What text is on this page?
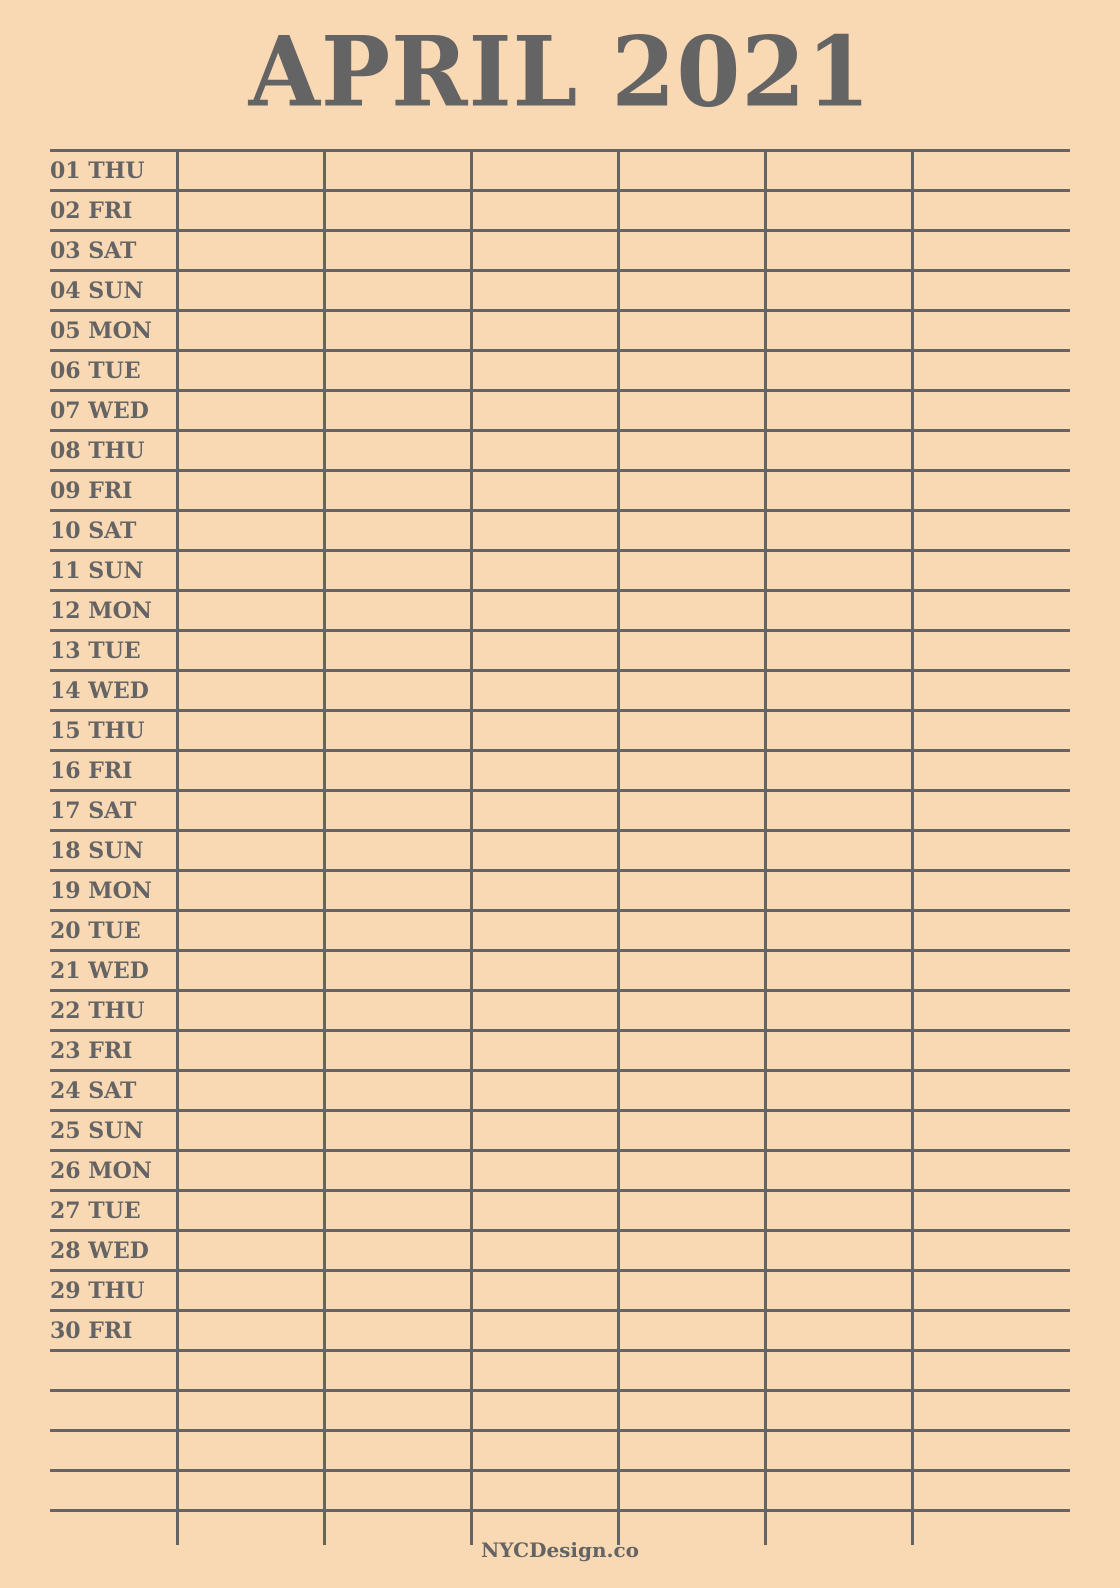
APRIL 2021
01 THU
02 FRI
03 SAT
04 SUN
05 MON
06 TUE
07 WED
08 THU
09 FRI
10 SAT
11 SUN
12 MON
13 TUE
14 WED
15 THU
16 FRI
17 SAT
18 SUN
19 MON
20 TUE
21 WED
22 THU
23 FRI
24 SAT
25 SUN
26 MON
27 TUE
28 WED
29 THU
30 FRI
NYCDesign.co
